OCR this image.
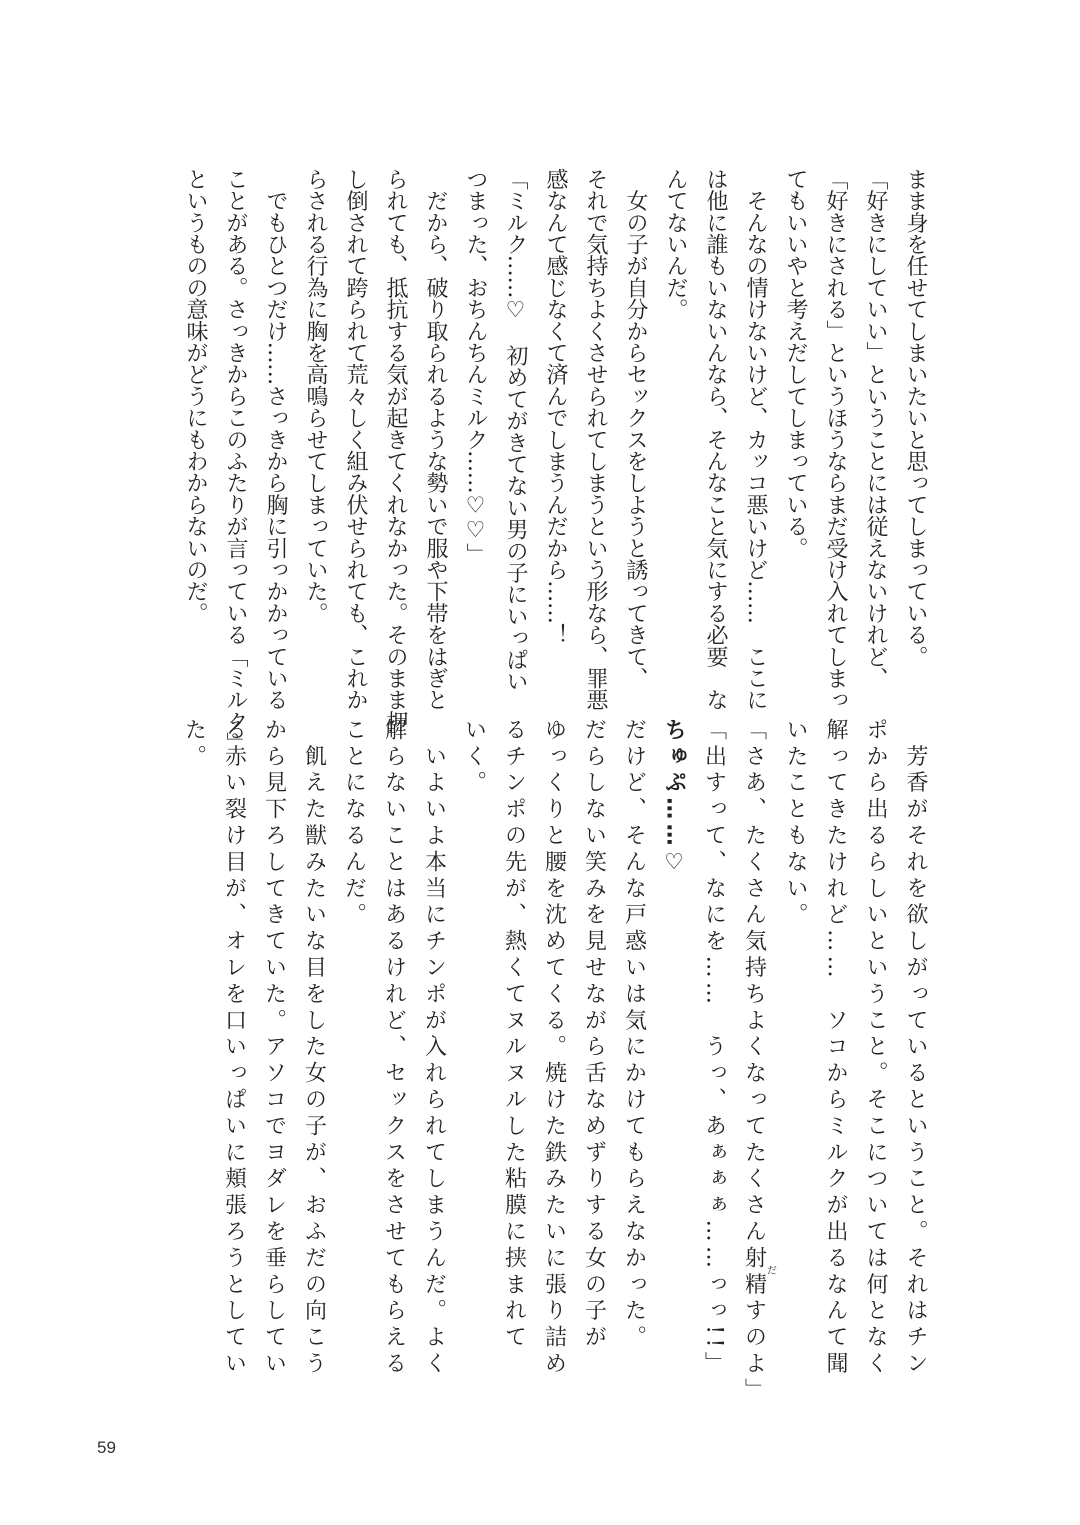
まま身を任せてしまいたいと思ってしまっている。
「好きにしていい」ということには従えないけれど、
「好きにされる」というほうならまだ受け入れてしまっ
てもいいやと考えだしてしまっている。
　そんなの情けないけど、カッコ悪いけど……　ここに
は他に誰もいないんなら、そんなこと気にする必要　な
んてないんだ。
　女の子が自分からセックスをしようと誘ってきて、
それで気持ちよくさせられてしまうという形なら、罪悪
感なんて感じなくて済んでしまうんだから……！
「ミルク……♡　初めてがきてない男の子にいっぱい
つまった、おちんちんミルク……♡♡」
　だから、破り取られるような勢いで服や下帯をはぎと
られても、抵抗する気が起きてくれなかった。そのまま押
し倒されて跨られて荒々しく組み伏せられても、これか
らされる行為に胸を高鳴らせてしまっていた。
　でもひとつだけ……さっきから胸に引っかかっている
ことがある。さっきからこのふたりが言っている「ミルク」
というものの意味がどうにもわからないのだ。
　芳香がそれを欲しがっているということ。それはチン
ポから出るらしいということ。そこについては何となく
解ってきたけれど……　ソコからミルクが出るなんて聞
いたこともない。
「さあ、たくさん気持ちよくなってたくさん射精だすのよ」
「出すって、なにを……　うっ、あぁぁぁ……っっ!!」
ちゅぷ……♡
だけど、そんな戸惑いは気にかけてもらえなかった。
だらしない笑みを見せながら舌なめずりする女の子が
ゆっくりと腰を沈めてくる。焼けた鉄みたいに張り詰め
るチンポの先が、熱くてヌルヌルした粘膜に挟まれて
いく。
　いよいよ本当にチンポが入れられてしまうんだ。よく
解らないことはあるけれど、セックスをさせてもらえる
ことになるんだ。
　飢えた獣みたいな目をした女の子が、おふだの向こう
から見下ろしてきていた。アソコでヨダレを垂らしてい
る赤い裂け目が、オレを口いっぱいに頬張ろうとしてい
た。
59
